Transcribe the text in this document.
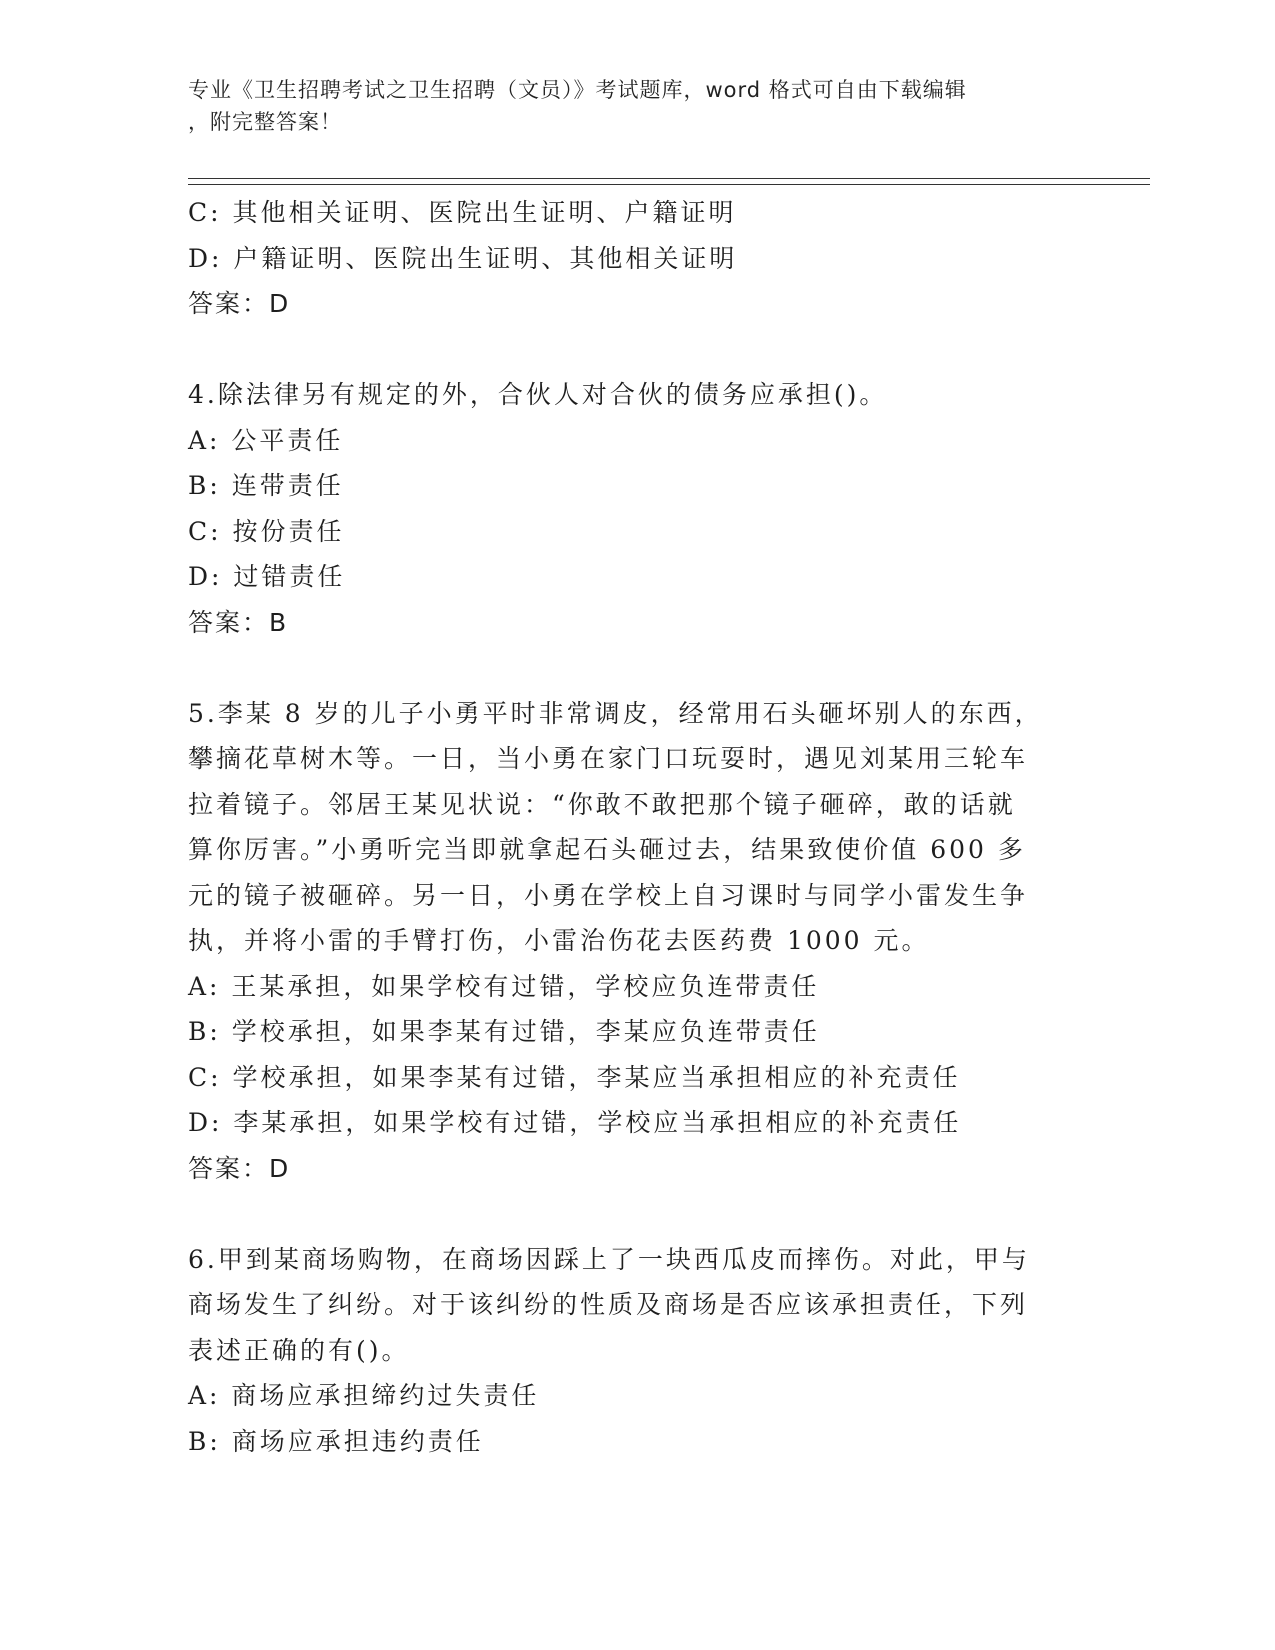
专业《卫生招聘考试之卫生招聘（文员）》考试题库，word 格式可自由下载编辑
，附完整答案！
C: 其他相关证明、医院出生证明、户籍证明
D: 户籍证明、医院出生证明、其他相关证明
答案：D
4.除法律另有规定的外，合伙人对合伙的债务应承担()。
A: 公平责任
B: 连带责任
C: 按份责任
D: 过错责任
答案：B
5.李某 8 岁的儿子小勇平时非常调皮，经常用石头砸坏别人的东西，
攀摘花草树木等。一日，当小勇在家门口玩耍时，遇见刘某用三轮车
拉着镜子。邻居王某见状说：“你敢不敢把那个镜子砸碎，敢的话就
算你厉害。”小勇听完当即就拿起石头砸过去，结果致使价值 600 多
元的镜子被砸碎。另一日，小勇在学校上自习课时与同学小雷发生争
执，并将小雷的手臂打伤，小雷治伤花去医药费 1000 元。
A: 王某承担，如果学校有过错，学校应负连带责任
B: 学校承担，如果李某有过错，李某应负连带责任
C: 学校承担，如果李某有过错，李某应当承担相应的补充责任
D: 李某承担，如果学校有过错，学校应当承担相应的补充责任
答案：D
6.甲到某商场购物，在商场因踩上了一块西瓜皮而摔伤。对此，甲与
商场发生了纠纷。对于该纠纷的性质及商场是否应该承担责任，下列
表述正确的有()。
A: 商场应承担缔约过失责任
B: 商场应承担违约责任
